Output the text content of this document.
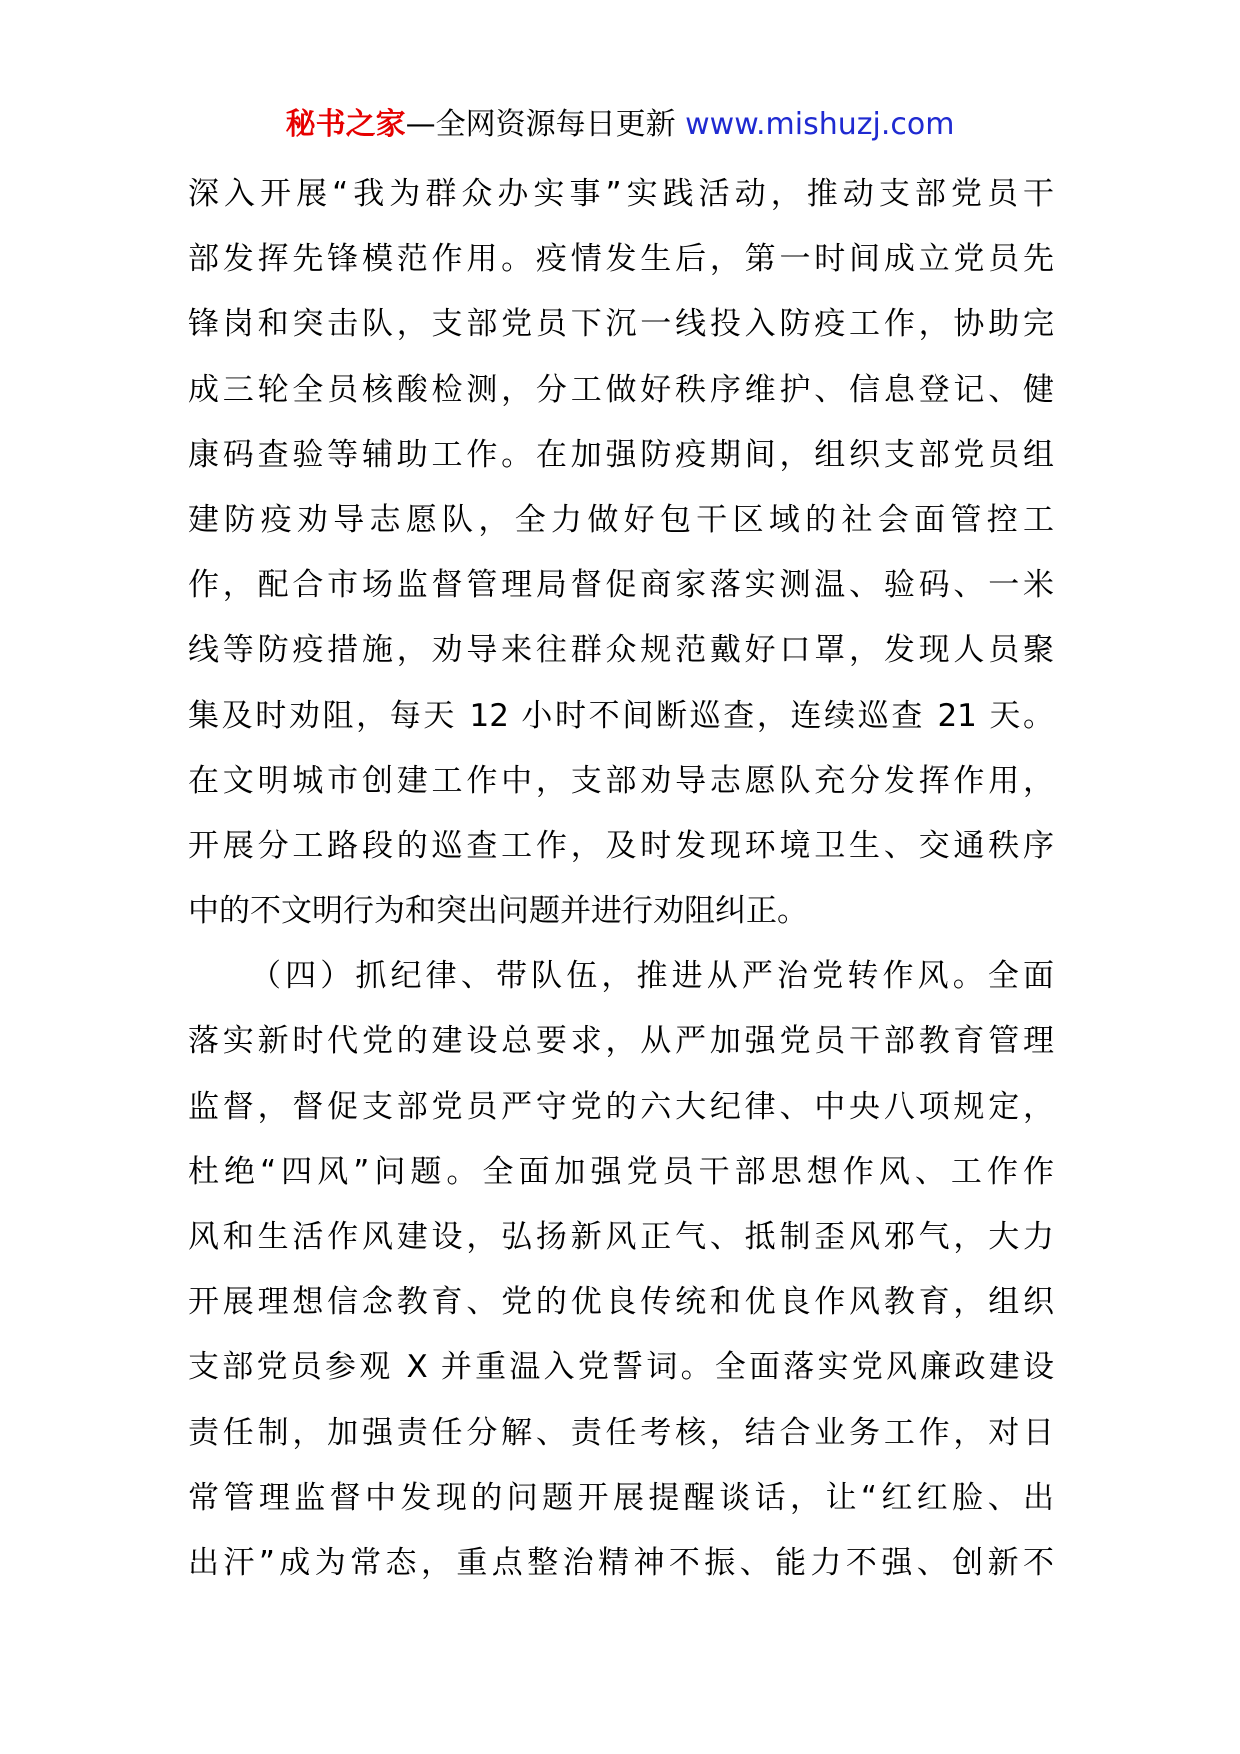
秘书之家—全网资源每日更新 www.mishuzj.com
深入开展“我为群众办实事”实践活动，推动支部党员干
部发挥先锋模范作用。疫情发生后，第一时间成立党员先
锋岗和突击队，支部党员下沉一线投入防疫工作，协助完
成三轮全员核酸检测，分工做好秩序维护、信息登记、健
康码查验等辅助工作。在加强防疫期间，组织支部党员组
建防疫劝导志愿队，全力做好包干区域的社会面管控工
作，配合市场监督管理局督促商家落实测温、验码、一米
线等防疫措施，劝导来往群众规范戴好口罩，发现人员聚
集及时劝阻，每天 12 小时不间断巡查，连续巡查 21 天。
在文明城市创建工作中，支部劝导志愿队充分发挥作用，
开展分工路段的巡查工作，及时发现环境卫生、交通秩序
中的不文明行为和突出问题并进行劝阻纠正。
（四）抓纪律、带队伍，推进从严治党转作风。全面
落实新时代党的建设总要求，从严加强党员干部教育管理
监督，督促支部党员严守党的六大纪律、中央八项规定，
杜绝“四风”问题。全面加强党员干部思想作风、工作作
风和生活作风建设，弘扬新风正气、抵制歪风邪气，大力
开展理想信念教育、党的优良传统和优良作风教育，组织
支部党员参观 X 并重温入党誓词。全面落实党风廉政建设
责任制，加强责任分解、责任考核，结合业务工作，对日
常管理监督中发现的问题开展提醒谈话，让“红红脸、出
出汗”成为常态，重点整治精神不振、能力不强、创新不
